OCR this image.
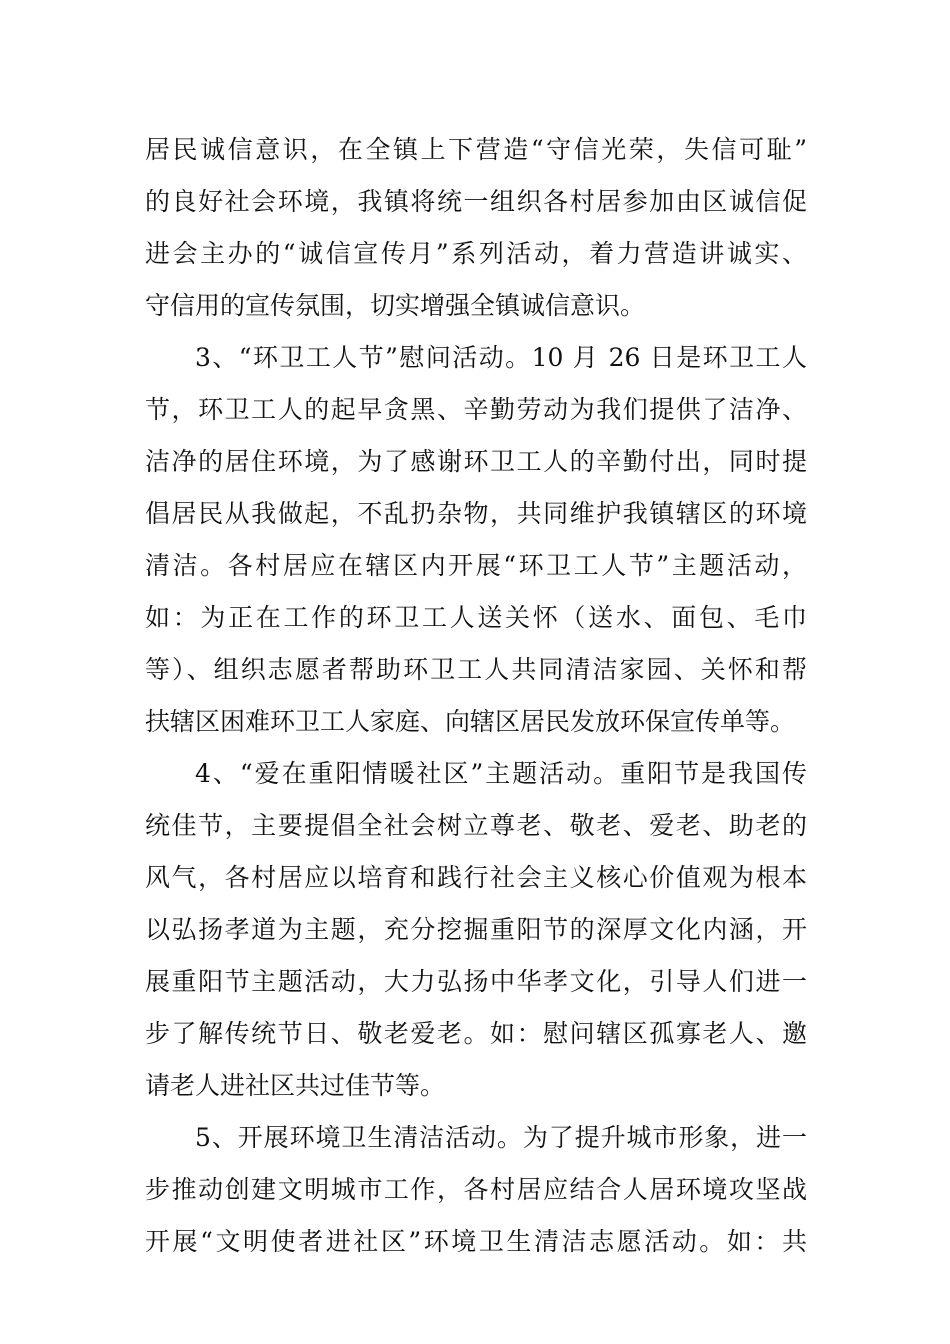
居民诚信意识，在全镇上下营造“守信光荣，失信可耻”
的良好社会环境，我镇将统一组织各村居参加由区诚信促
进会主办的“诚信宣传月”系列活动，着力营造讲诚实、
守信用的宣传氛围，切实增强全镇诚信意识。
3、“环卫工人节”慰问活动。10 月 26 日是环卫工人
节，环卫工人的起早贪黑、辛勤劳动为我们提供了洁净、
洁净的居住环境，为了感谢环卫工人的辛勤付出，同时提
倡居民从我做起，不乱扔杂物，共同维护我镇辖区的环境
清洁。各村居应在辖区内开展“环卫工人节”主题活动，
如：为正在工作的环卫工人送关怀（送水、面包、毛巾
等）、组织志愿者帮助环卫工人共同清洁家园、关怀和帮
扶辖区困难环卫工人家庭、向辖区居民发放环保宣传单等。
4、“爱在重阳情暖社区”主题活动。重阳节是我国传
统佳节，主要提倡全社会树立尊老、敬老、爱老、助老的
风气，各村居应以培育和践行社会主义核心价值观为根本
以弘扬孝道为主题，充分挖掘重阳节的深厚文化内涵，开
展重阳节主题活动，大力弘扬中华孝文化，引导人们进一
步了解传统节日、敬老爱老。如：慰问辖区孤寡老人、邀
请老人进社区共过佳节等。
5、开展环境卫生清洁活动。为了提升城市形象，进一
步推动创建文明城市工作，各村居应结合人居环境攻坚战
开展“文明使者进社区”环境卫生清洁志愿活动。如：共
